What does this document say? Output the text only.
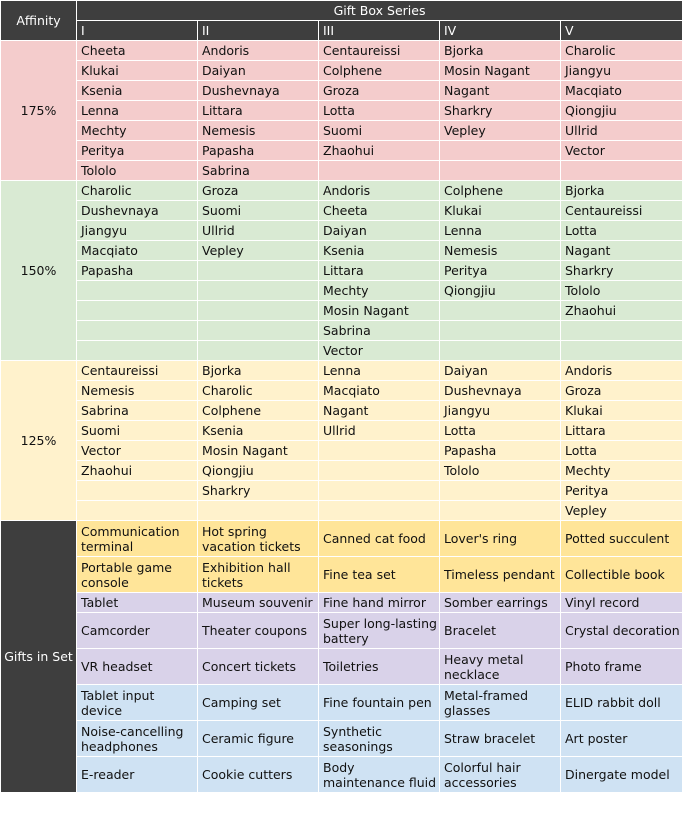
Affinity	Gift Box Series				
	I	II	III	IV	V
175%	Cheeta	Andoris	Centaureissi	Bjorka	Charolic
	Klukai	Daiyan	Colphene	Mosin Nagant	Jiangyu
	Ksenia	Dushevnaya	Groza	Nagant	Macqiato
	Lenna	Littara	Lotta	Sharkry	Qiongjiu
	Mechty	Nemesis	Suomi	Vepley	Ullrid
	Peritya	Papasha	Zhaohui		Vector
	Tololo	Sabrina			
150%	Charolic	Groza	Andoris	Colphene	Bjorka
	Dushevnaya	Suomi	Cheeta	Klukai	Centaureissi
	Jiangyu	Ullrid	Daiyan	Lenna	Lotta
	Macqiato	Vepley	Ksenia	Nemesis	Nagant
	Papasha		Littara	Peritya	Sharkry
			Mechty	Qiongjiu	Tololo
			Mosin Nagant		Zhaohui
			Sabrina		
			Vector		
125%	Centaureissi	Bjorka	Lenna	Daiyan	Andoris
	Nemesis	Charolic	Macqiato	Dushevnaya	Groza
	Sabrina	Colphene	Nagant	Jiangyu	Klukai
	Suomi	Ksenia	Ullrid	Lotta	Littara
	Vector	Mosin Nagant		Papasha	Lotta
	Zhaohui	Qiongjiu		Tololo	Mechty
		Sharkry			Peritya
					Vepley
Gifts in Set	Communication terminal	Hot spring vacation tickets	Canned cat food	Lover's ring	Potted succulent
	Portable game console	Exhibition hall tickets	Fine tea set	Timeless pendant	Collectible book
	Tablet	Museum souvenir	Fine hand mirror	Somber earrings	Vinyl record
	Camcorder	Theater coupons	Super long-lasting battery	Bracelet	Crystal decoration
	VR headset	Concert tickets	Toiletries	Heavy metal necklace	Photo frame
	Tablet input device	Camping set	Fine fountain pen	Metal-framed glasses	ELID rabbit doll
	Noise-cancelling headphones	Ceramic figure	Synthetic seasonings	Straw bracelet	Art poster
	E-reader	Cookie cutters	Body maintenance fluid	Colorful hair accessories	Dinergate model
